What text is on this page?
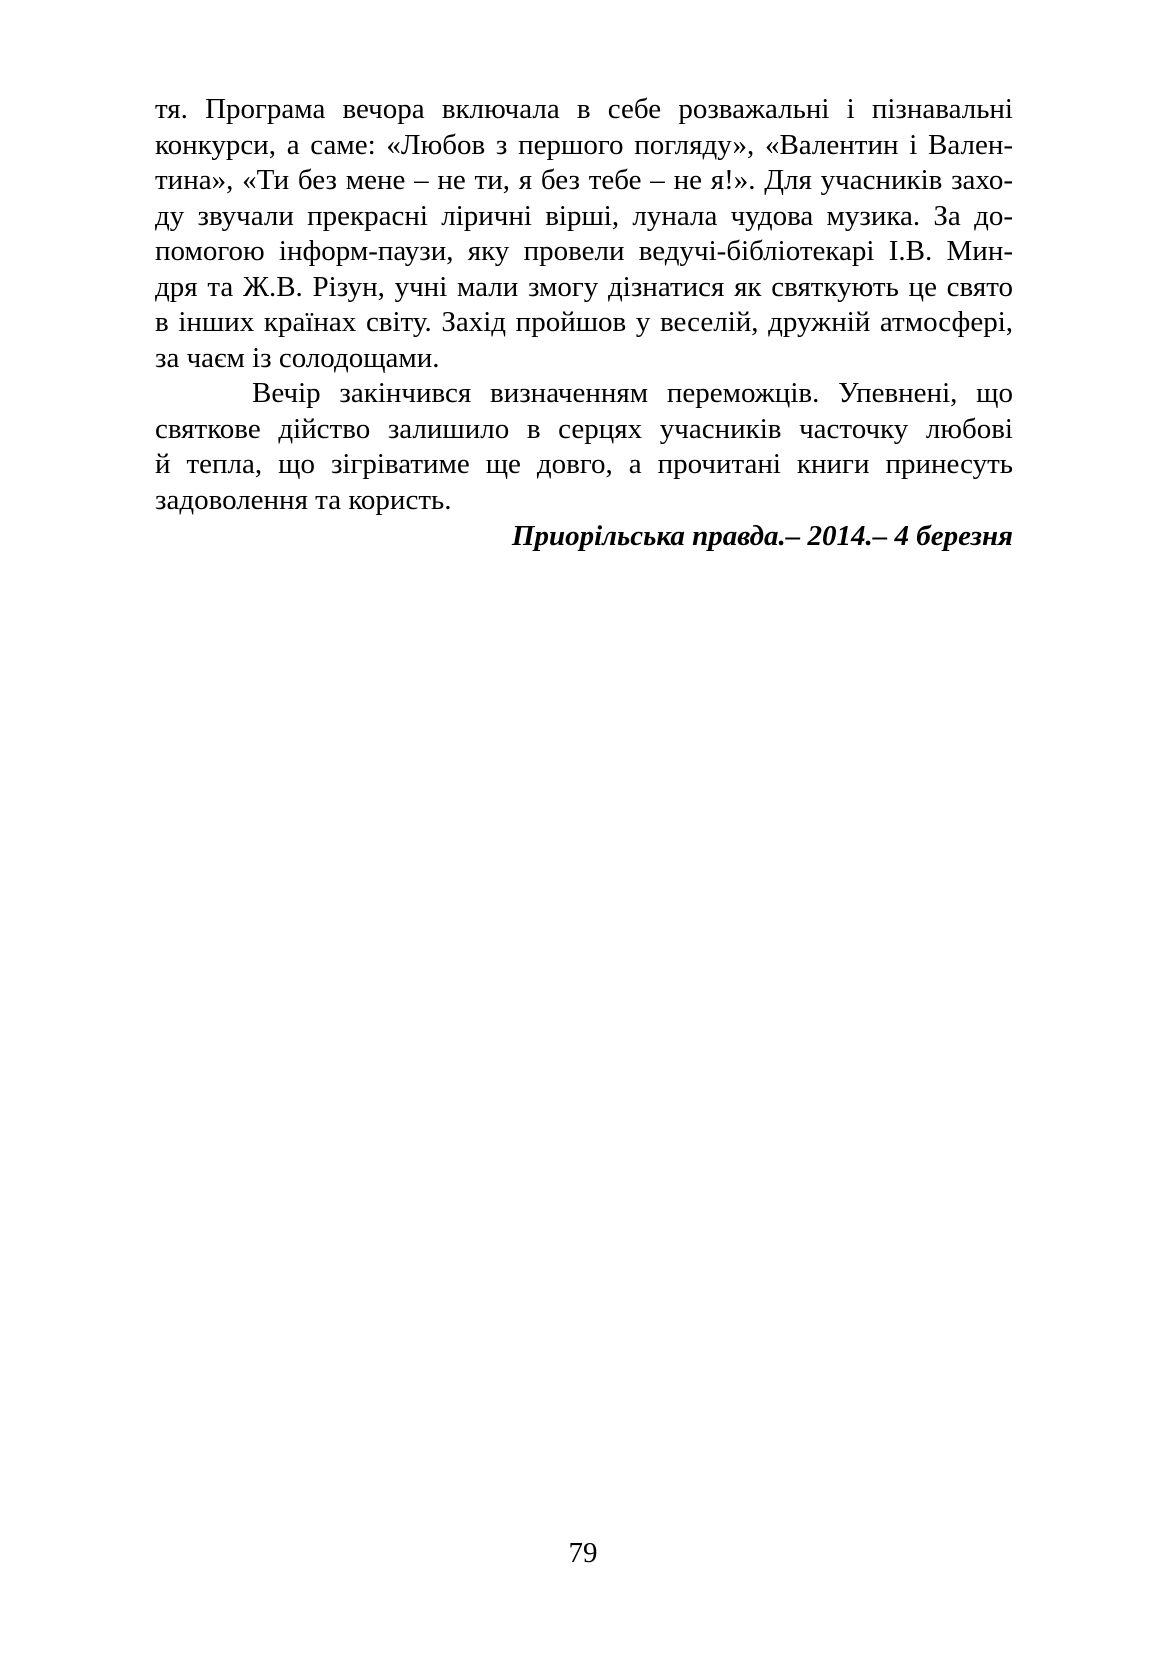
тя. Програма вечора включала в себе розважальні і пізнавальні
конкурси, а саме: «Любов з першого погляду», «Валентин і Вален-
тина», «Ти без мене – не ти, я без тебе – не я!». Для учасників захо-
ду звучали прекрасні ліричні вірші, лунала чудова музика. За до-
помогою інформ-паузи, яку провели ведучі-бібліотекарі І.В. Мин-
дря та Ж.В. Різун, учні мали змогу дізнатися як святкують це свято
в інших країнах світу. Захід пройшов у веселій, дружній атмосфері,
за чаєм із солодощами.
Вечір закінчився визначенням переможців. Упевнені, що
святкове дійство залишило в серцях учасників часточку любові
й тепла, що зігріватиме ще довго, а прочитані книги принесуть
задоволення та користь.
Приорільська правда.– 2014.– 4 березня
79
